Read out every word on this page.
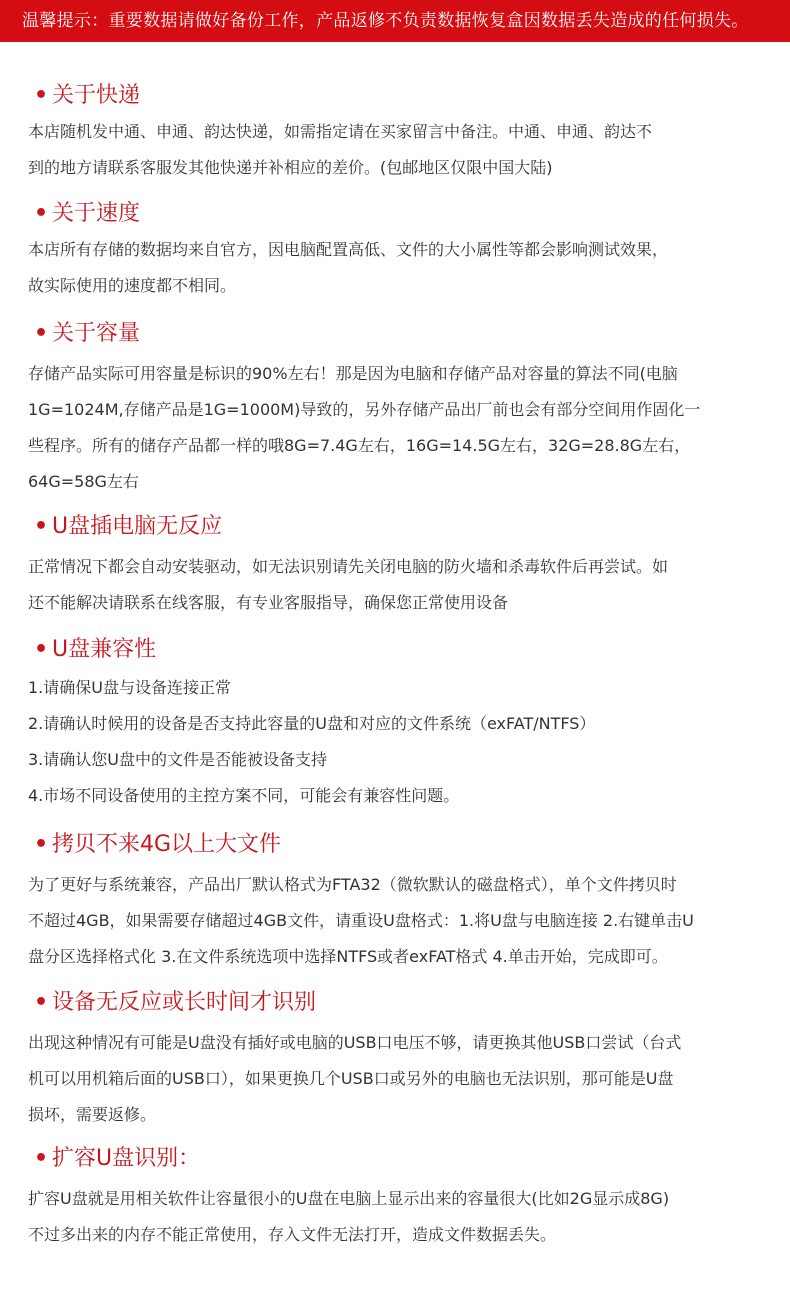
温馨提示：重要数据请做好备份工作，产品返修不负责数据恢复盒因数据丢失造成的任何损失。
• 关于快递
本店随机发中通、申通、韵达快递，如需指定请在买家留言中备注。中通、申通、韵达不
到的地方请联系客服发其他快递并补相应的差价。(包邮地区仅限中国大陆)
• 关于速度
本店所有存储的数据均来自官方，因电脑配置高低、文件的大小属性等都会影响测试效果，
故实际使用的速度都不相同。
• 关于容量
存储产品实际可用容量是标识的90%左右！那是因为电脑和存储产品对容量的算法不同(电脑
1G=1024M,存储产品是1G=1000M)导致的，另外存储产品出厂前也会有部分空间用作固化一
些程序。所有的储存产品都一样的哦8G=7.4G左右，16G=14.5G左右，32G=28.8G左右，
64G=58G左右
• U盘插电脑无反应
正常情况下都会自动安装驱动，如无法识别请先关闭电脑的防火墙和杀毒软件后再尝试。如
还不能解决请联系在线客服，有专业客服指导，确保您正常使用设备
• U盘兼容性
1.请确保U盘与设备连接正常
2.请确认时候用的设备是否支持此容量的U盘和对应的文件系统（exFAT/NTFS）
3.请确认您U盘中的文件是否能被设备支持
4.市场不同设备使用的主控方案不同，可能会有兼容性问题。
• 拷贝不来4G以上大文件
为了更好与系统兼容，产品出厂默认格式为FTA32（微软默认的磁盘格式），单个文件拷贝时
不超过4GB，如果需要存储超过4GB文件，请重设U盘格式：1.将U盘与电脑连接 2.右键单击U
盘分区选择格式化 3.在文件系统选项中选择NTFS或者exFAT格式 4.单击开始，完成即可。
• 设备无反应或长时间才识别
出现这种情况有可能是U盘没有插好或电脑的USB口电压不够，请更换其他USB口尝试（台式
机可以用机箱后面的USB口），如果更换几个USB口或另外的电脑也无法识别，那可能是U盘
损坏，需要返修。
• 扩容U盘识别：
扩容U盘就是用相关软件让容量很小的U盘在电脑上显示出来的容量很大(比如2G显示成8G)
不过多出来的内存不能正常使用，存入文件无法打开，造成文件数据丢失。
